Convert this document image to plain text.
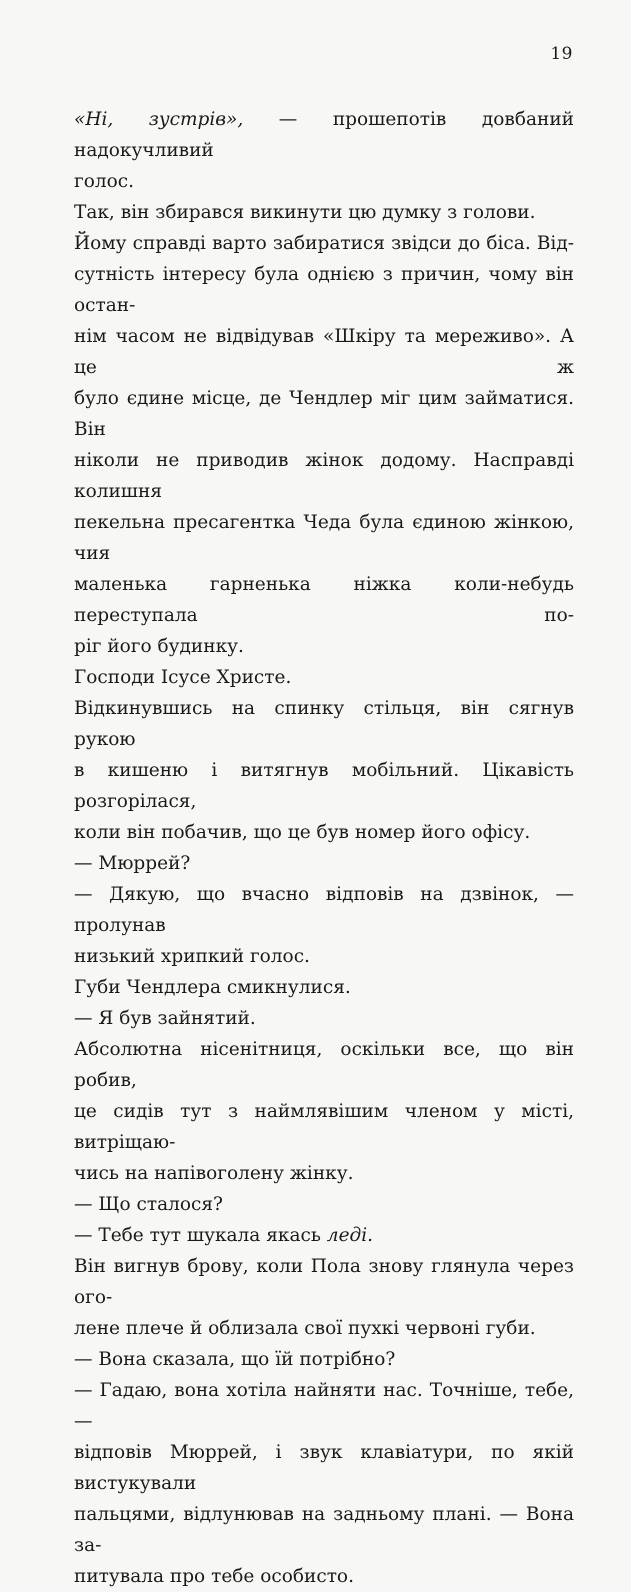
19
«Ні, зустрів», — прошепотів довбаний надокучливий
голос.
Так, він збирався викинути цю думку з голови.
Йому справді варто забиратися звідси до біса. Від-
сутність інтересу була однією з причин, чому він остан-
нім часом не відвідував «Шкіру та мереживо». А це ж
було єдине місце, де Чендлер міг цим займатися. Він
ніколи не приводив жінок додому. Насправді колишня
пекельна пресагентка Чеда була єдиною жінкою, чия
маленька гарненька ніжка коли-небудь переступала по-
ріг його будинку.
Господи Ісусе Христе.
Відкинувшись на спинку стільця, він сягнув рукою
в кишеню і витягнув мобільний. Цікавість розгорілася,
коли він побачив, що це був номер його офісу.
— Мюррей?
— Дякую, що вчасно відповів на дзвінок, — пролунав
низький хрипкий голос.
Губи Чендлера смикнулися.
— Я був зайнятий.
Абсолютна нісенітниця, оскільки все, що він робив,
це сидів тут з наймлявішим членом у місті, витріщаю-
чись на напівоголену жінку.
— Що сталося?
— Тебе тут шукала якась леді.
Він вигнув брову, коли Пола знову глянула через ого-
лене плече й облизала свої пухкі червоні губи.
— Вона сказала, що їй потрібно?
— Гадаю, вона хотіла найняти нас. Точніше, тебе, —
відповів Мюррей, і звук клавіатури, по якій вистукували
пальцями, відлунював на задньому плані. — Вона за-
питувала про тебе особисто.
